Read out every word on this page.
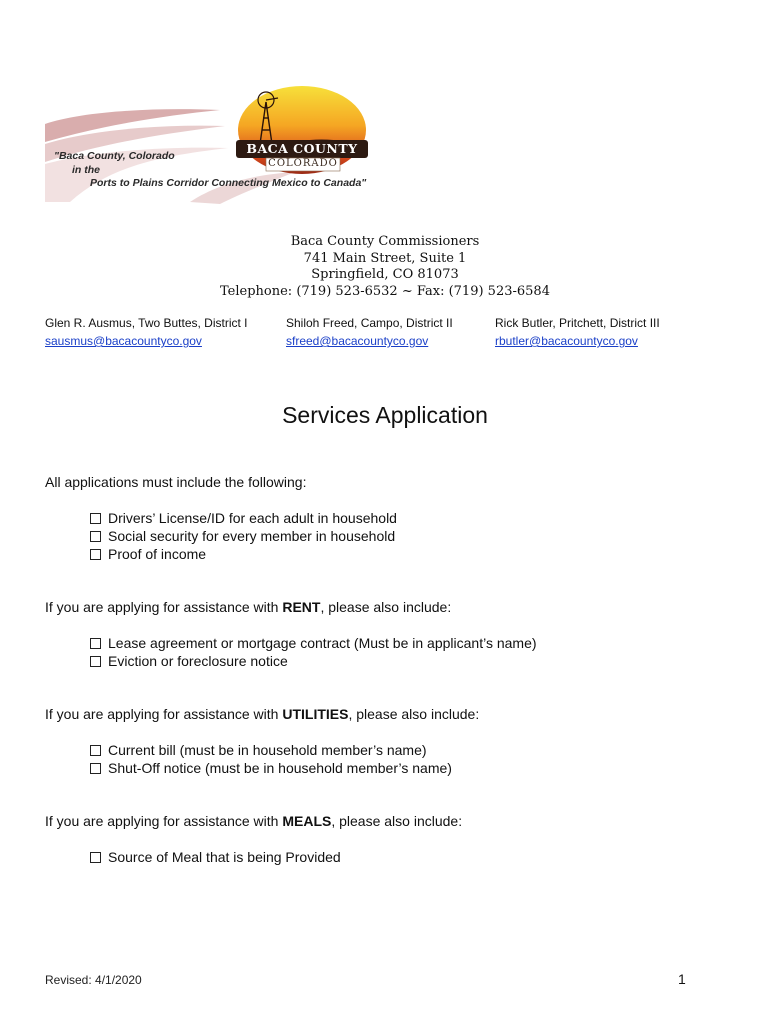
BACA COUNTY
COLORADO
"Baca County, Colorado
in the
Ports to Plains Corridor Connecting Mexico to Canada"
Baca County Commissioners
741 Main Street, Suite 1
Springfield, CO 81073
Telephone: (719) 523-6532 ~ Fax: (719) 523-6584
Glen R. Ausmus, Two Buttes, District I
sausmus@bacacountyco.gov
Shiloh Freed, Campo, District II
sfreed@bacacountyco.gov
Rick Butler, Pritchett, District III
rbutler@bacacountyco.gov
Services Application
All applications must include the following:
Drivers’ License/ID for each adult in household
Social security for every member in household
Proof of income
If you are applying for assistance with RENT, please also include:
Lease agreement or mortgage contract (Must be in applicant’s name)
Eviction or foreclosure notice
If you are applying for assistance with UTILITIES, please also include:
Current bill (must be in household member’s name)
Shut-Off notice (must be in household member’s name)
If you are applying for assistance with MEALS, please also include:
Source of Meal that is being Provided
Revised: 4/1/2020	1
